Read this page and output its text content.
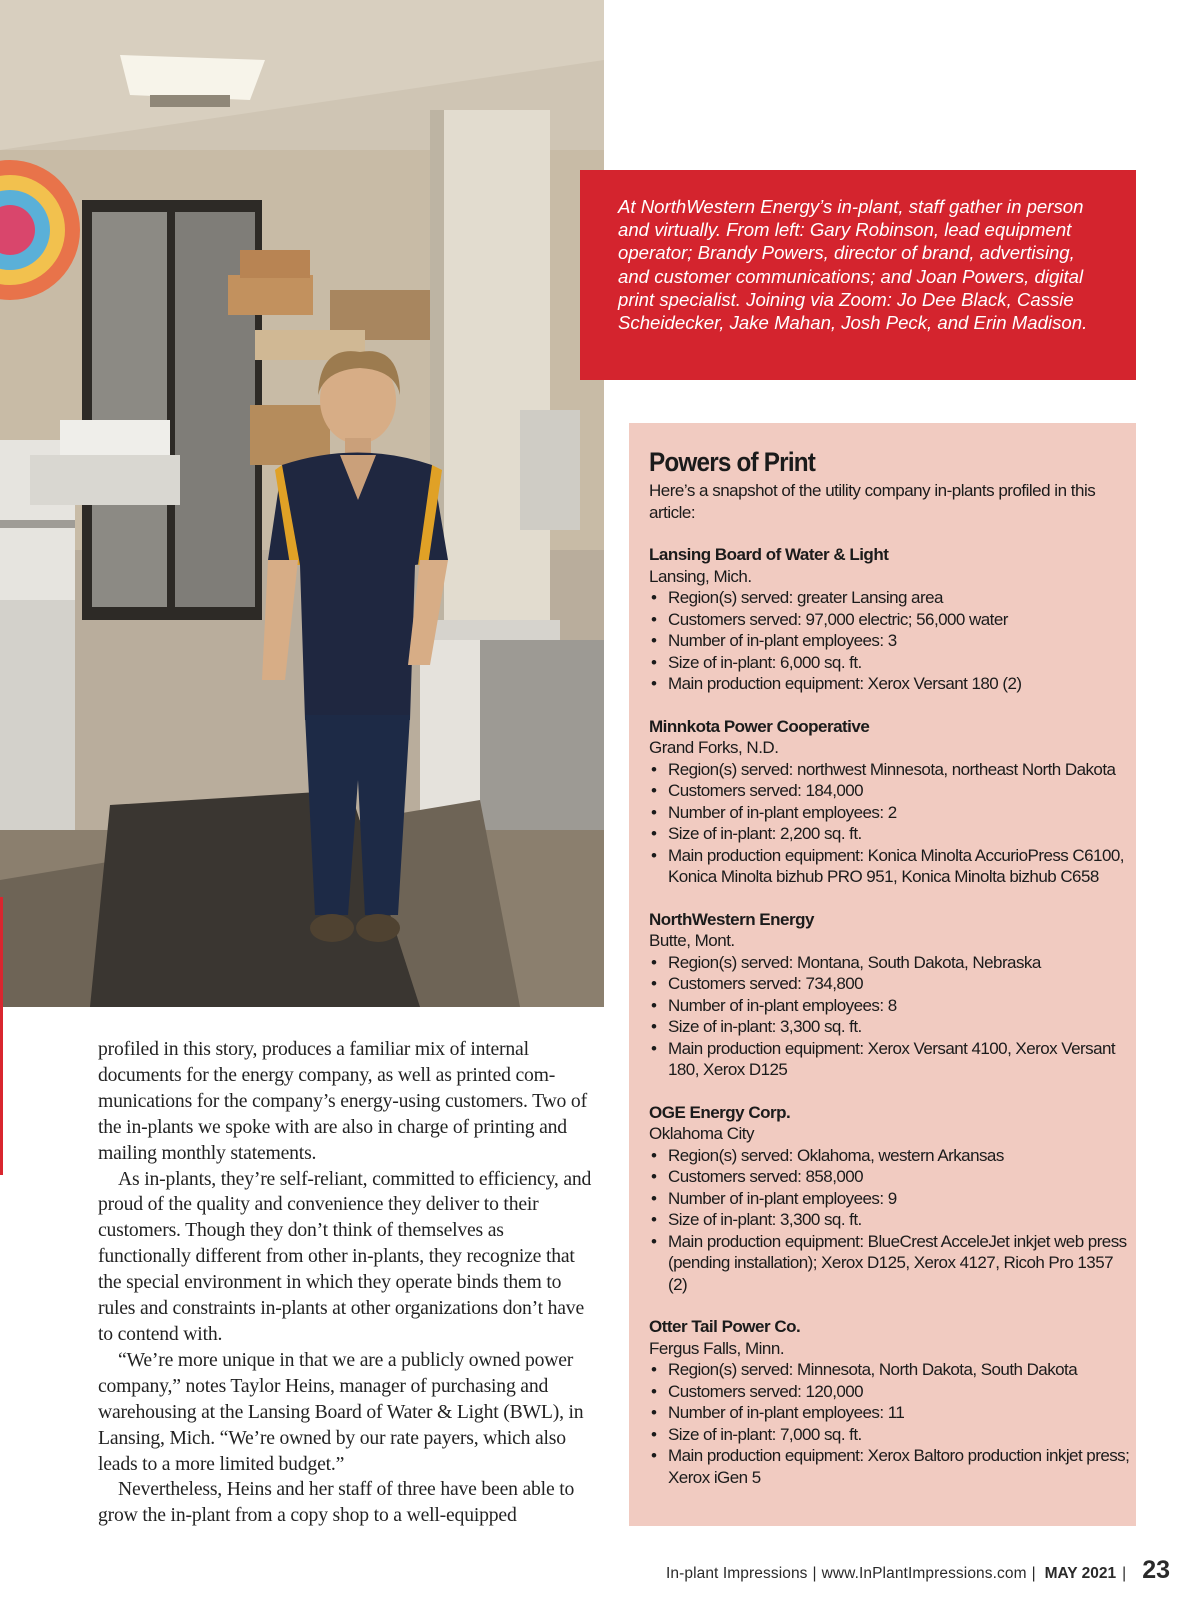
At NorthWestern Energy’s in-plant, staff gather in person and virtually. From left: Gary Robinson, lead equipment operator; Brandy Powers, director of brand, advertising, and customer communications; and Joan Powers, digital print specialist. Joining via Zoom: Jo Dee Black, Cassie Scheidecker, Jake Mahan, Josh Peck, and Erin Madison.
Powers of Print

Here’s a snapshot of the utility company in-plants profiled in this article:

Lansing Board of Water & Light
Lansing, Mich.
• Region(s) served: greater Lansing area
• Customers served: 97,000 electric; 56,000 water
• Number of in-plant employees: 3
• Size of in-plant: 6,000 sq. ft.
• Main production equipment: Xerox Versant 180 (2)
Minnkota Power Cooperative
Grand Forks, N.D.
• Region(s) served: northwest Minnesota, northeast North Dakota
• Customers served: 184,000
• Number of in-plant employees: 2
• Size of in-plant: 2,200 sq. ft.
• Main production equipment: Konica Minolta AccurioPress C6100, Konica Minolta bizhub PRO 951, Konica Minolta bizhub C658
NorthWestern Energy
Butte, Mont.
• Region(s) served: Montana, South Dakota, Nebraska
• Customers served: 734,800
• Number of in-plant employees: 8
• Size of in-plant: 3,300 sq. ft.
• Main production equipment: Xerox Versant 4100, Xerox Versant 180, Xerox D125
OGE Energy Corp.
Oklahoma City
• Region(s) served: Oklahoma, western Arkansas
• Customers served: 858,000
• Number of in-plant employees: 9
• Size of in-plant: 3,300 sq. ft.
• Main production equipment: BlueCrest AcceleJet inkjet web press (pending installation); Xerox D125, Xerox 4127, Ricoh Pro 1357 (2)
Otter Tail Power Co.
Fergus Falls, Minn.
• Region(s) served: Minnesota, North Dakota, South Dakota
• Customers served: 120,000
• Number of in-plant employees: 11
• Size of in-plant: 7,000 sq. ft.
• Main production equipment: Xerox Baltoro production inkjet press; Xerox iGen 5

profiled in this story, produces a familiar mix of internal documents for the energy company, as well as printed communications for the company’s energy-using customers. Two of the in-plants we spoke with are also in charge of printing and mailing monthly statements.

As in-plants, they’re self-reliant, committed to efficiency, and proud of the quality and convenience they deliver to their customers. Though they don’t think of themselves as functionally different from other in-plants, they recognize that the special environment in which they operate binds them to rules and constraints in-plants at other organizations don’t have to contend with.

“We’re more unique in that we are a publicly owned power company,” notes Taylor Heins, manager of purchasing and warehousing at the Lansing Board of Water & Light (BWL), in Lansing, Mich. “We’re owned by our rate payers, which also leads to a more limited budget.”

Nevertheless, Heins and her staff of three have been able to grow the in-plant from a copy shop to a well-equipped

In-plant Impressions | www.InPlantImpressions.com | MAY 2021 | 23
